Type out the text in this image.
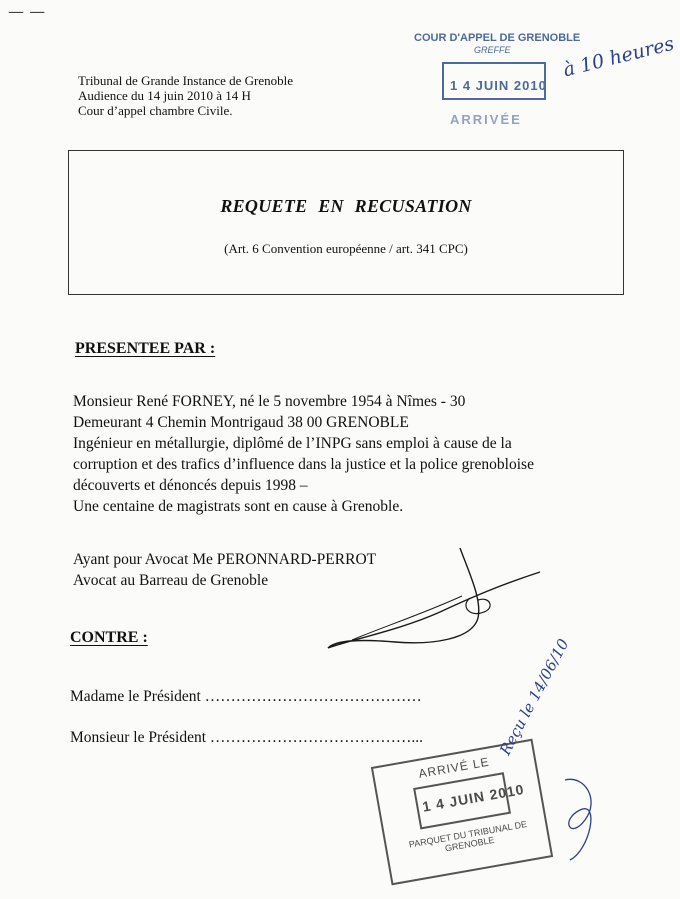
— —
Tribunal de Grande Instance de Grenoble
Audience du 14 juin 2010 à 14 H
Cour d’appel chambre Civile.
COUR D'APPEL DE GRENOBLE
GREFFE
1 4 JUIN 2010
ARRIVÉE
à 10 heures
REQUETE EN RECUSATION
(Art. 6 Convention européenne / art. 341 CPC)
PRESENTEE PAR :
Monsieur René FORNEY, né le 5 novembre 1954 à Nîmes - 30
Demeurant 4 Chemin Montrigaud 38 00 GRENOBLE
Ingénieur en métallurgie, diplômé de l’INPG sans emploi à cause de la
corruption et des trafics d’influence dans la justice et la police grenobloise
découverts et dénoncés depuis 1998 –
Une centaine de magistrats sont en cause à Grenoble.
Ayant pour Avocat Me PERONNARD-PERROT
Avocat au Barreau de Grenoble
CONTRE :
Madame le Président ……………………………………
Monsieur le Président …………………………………...
ARRIVÉ LE
1 4 JUIN 2010
PARQUET DU TRIBUNAL DE GRENOBLE
Reçu le 14/06/10
